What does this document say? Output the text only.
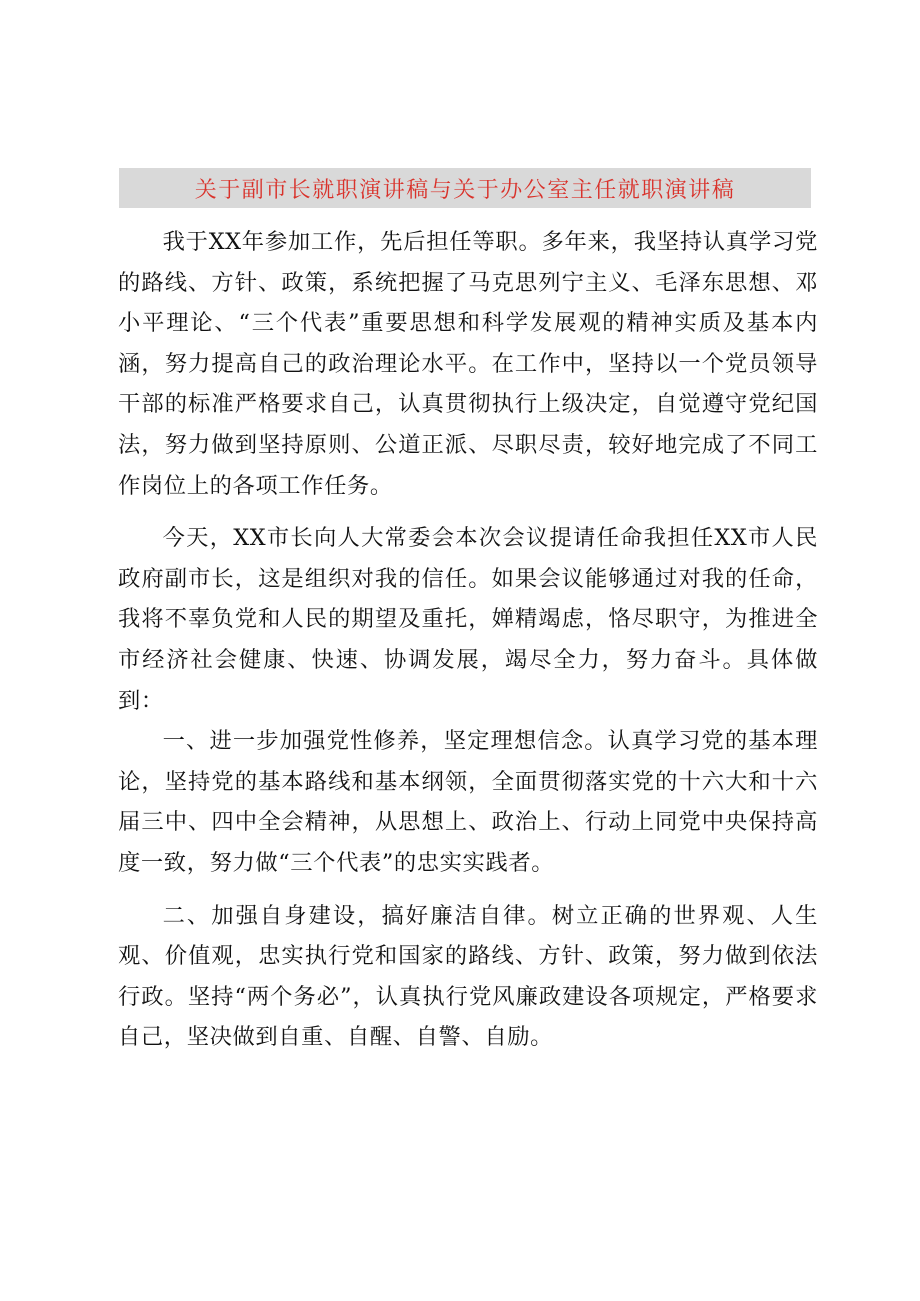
关于副市长就职演讲稿与关于办公室主任就职演讲稿

我于XX年参加工作，先后担任等职。多年来，我坚持认真学习党的路线、方针、政策，系统把握了马克思列宁主义、毛泽东思想、邓小平理论、“三个代表”重要思想和科学发展观的精神实质及基本内涵，努力提高自己的政治理论水平。在工作中，坚持以一个党员领导干部的标准严格要求自己，认真贯彻执行上级决定，自觉遵守党纪国法，努力做到坚持原则、公道正派、尽职尽责，较好地完成了不同工作岗位上的各项工作任务。

今天，XX市长向人大常委会本次会议提请任命我担任XX市人民政府副市长，这是组织对我的信任。如果会议能够通过对我的任命，我将不辜负党和人民的期望及重托，婵精竭虑，恪尽职守，为推进全市经济社会健康、快速、协调发展，竭尽全力，努力奋斗。具体做到：

一、进一步加强党性修养，坚定理想信念。认真学习党的基本理论，坚持党的基本路线和基本纲领，全面贯彻落实党的十六大和十六届三中、四中全会精神，从思想上、政治上、行动上同党中央保持高度一致，努力做“三个代表”的忠实实践者。

二、加强自身建设，搞好廉洁自律。树立正确的世界观、人生观、价值观，忠实执行党和国家的路线、方针、政策，努力做到依法行政。坚持“两个务必”，认真执行党风廉政建设各项规定，严格要求自己，坚决做到自重、自醒、自警、自励。
